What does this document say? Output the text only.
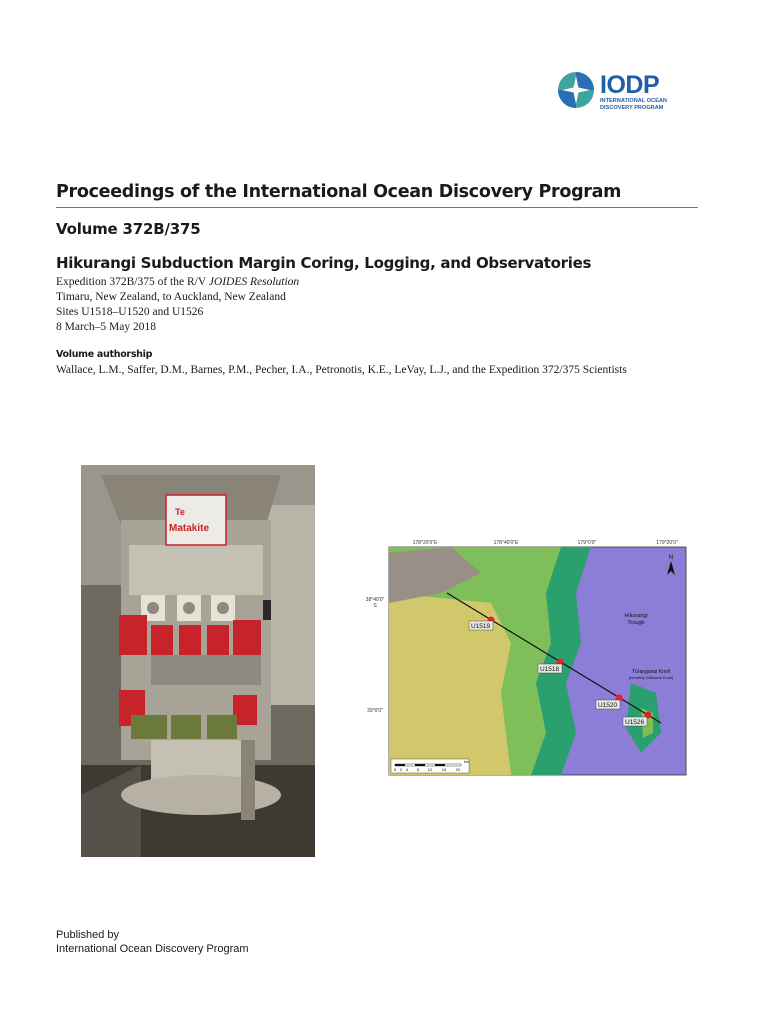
IODP
INTERNATIONAL OCEAN
DISCOVERY PROGRAM
Proceedings of the International Ocean Discovery Program
Volume 372B/375
Hikurangi Subduction Margin Coring, Logging, and Observatories
Expedition 372B/375 of the R/V JOIDES Resolution
Timaru, New Zealand, to Auckland, New Zealand
Sites U1518–U1520 and U1526
8 March–5 May 2018
Volume authorship
Wallace, L.M., Saffer, D.M., Barnes, P.M., Pecher, I.A., Petronotis, K.E., LeVay, L.J., and the Expedition 372/375 Scientists
Te
Matakite
U1519
U1518
U1520
U1526
Hikurangi
Trough
Tūranganui Knoll
(formerly Gisborne Knoll)
N
178°20'0"E	178°40'0"E	179°0'0"	179°20'0"
38°40'0"
S
39°0'0"
km
0 2 4 8 12 16 20
Published by
International Ocean Discovery Program
